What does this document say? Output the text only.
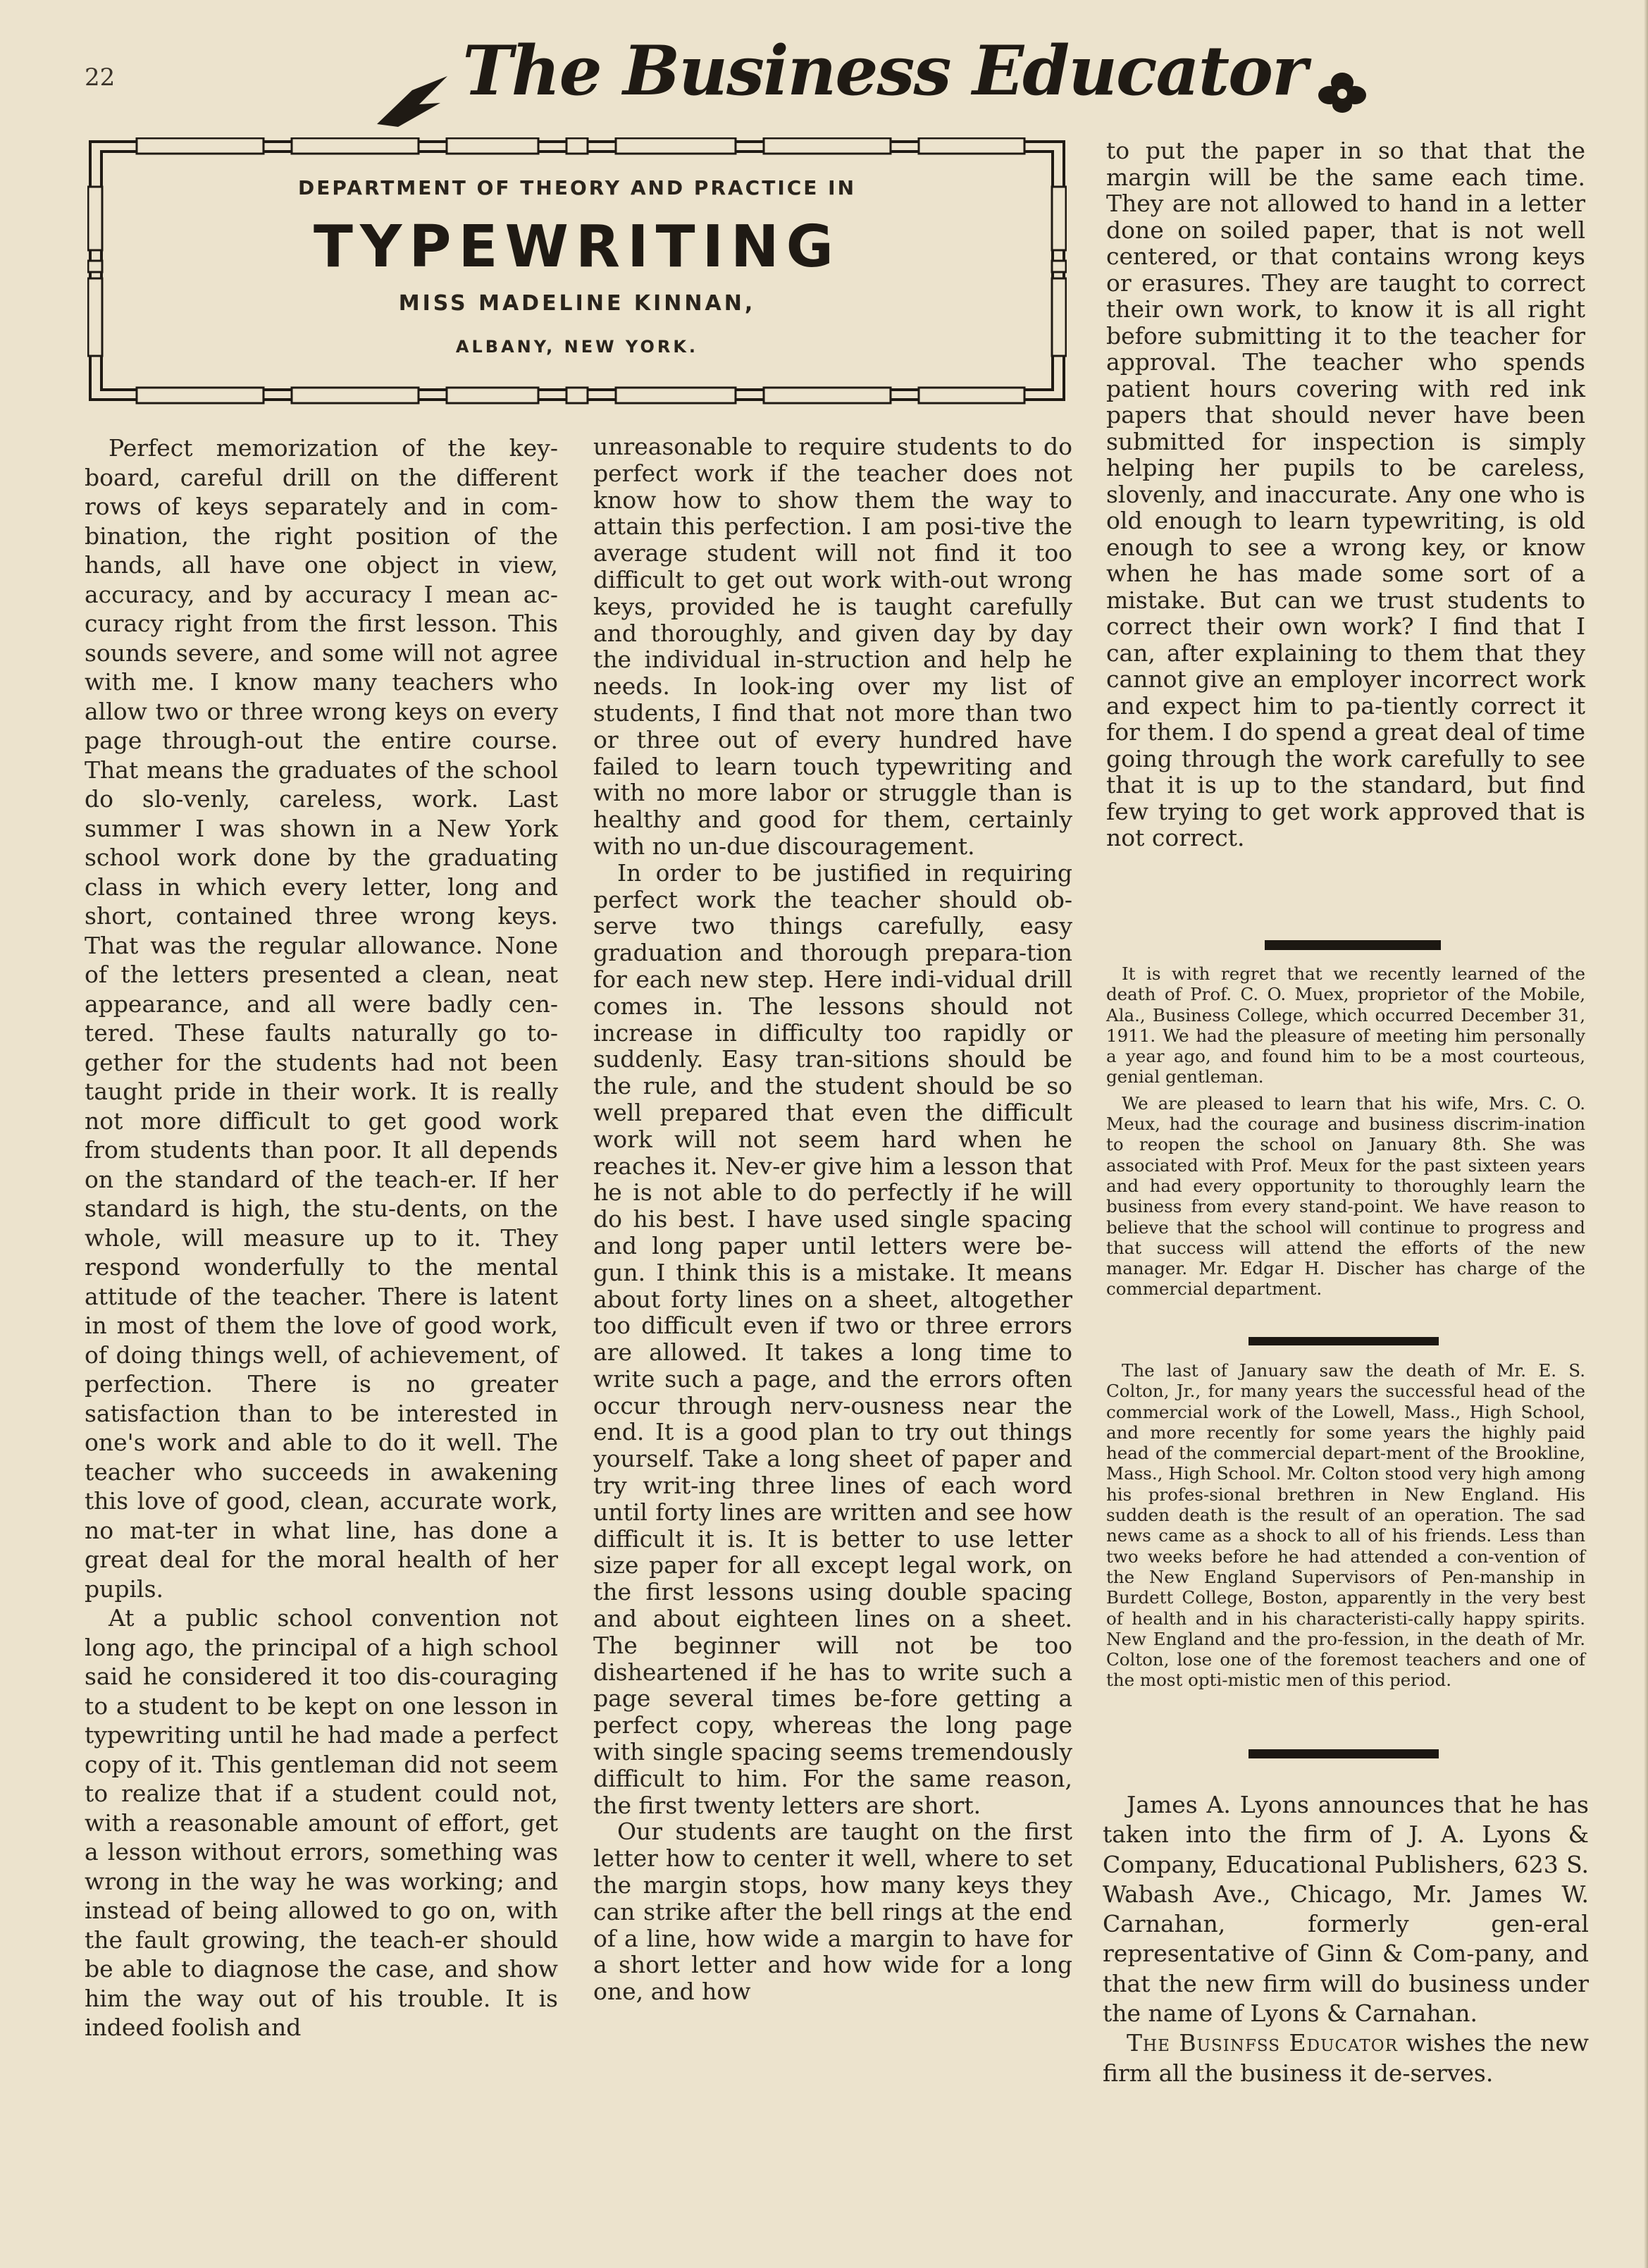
22	The Business Educator
DEPARTMENT OF THEORY AND PRACTICE IN
TYPEWRITING
MISS MADELINE KINNAN,
ALBANY, NEW YORK.

Perfect memorization of the key-board, careful drill on the different rows of keys separately and in com-bination, the right position of the hands, all have one object in view, accuracy, and by accuracy I mean ac-curacy right from the first lesson. This sounds severe, and some will not agree with me. I know many teachers who allow two or three wrong keys on every page through-out the entire course. That means the graduates of the school do slo-venly, careless, work. Last summer I was shown in a New York school work done by the graduating class in which every letter, long and short, contained three wrong keys. That was the regular allowance. None of the letters presented a clean, neat appearance, and all were badly cen-tered. These faults naturally go to-gether for the students had not been taught pride in their work. It is really not more difficult to get good work from students than poor. It all depends on the standard of the teach-er. If her standard is high, the stu-dents, on the whole, will measure up to it. They respond wonderfully to the mental attitude of the teacher. There is latent in most of them the love of good work, of doing things well, of achievement, of perfection. There is no greater satisfaction than to be interested in one's work and able to do it well. The teacher who succeeds in awakening this love of good, clean, accurate work, no mat-ter in what line, has done a great deal for the moral health of her pupils.

At a public school convention not long ago, the principal of a high school said he considered it too dis-couraging to a student to be kept on one lesson in typewriting until he had made a perfect copy of it. This gentleman did not seem to realize that if a student could not, with a reasonable amount of effort, get a lesson without errors, something was wrong in the way he was working; and instead of being allowed to go on, with the fault growing, the teach-er should be able to diagnose the case, and show him the way out of his trouble. It is indeed foolish and

unreasonable to require students to do perfect work if the teacher does not know how to show them the way to attain this perfection. I am posi-tive the average student will not find it too difficult to get out work with-out wrong keys, provided he is taught carefully and thoroughly, and given day by day the individual in-struction and help he needs. In look-ing over my list of students, I find that not more than two or three out of every hundred have failed to learn touch typewriting and with no more labor or struggle than is healthy and good for them, certainly with no un-due discouragement.

In order to be justified in requiring perfect work the teacher should ob-serve two things carefully, easy graduation and thorough prepara-tion for each new step. Here indi-vidual drill comes in. The lessons should not increase in difficulty too rapidly or suddenly. Easy tran-sitions should be the rule, and the student should be so well prepared that even the difficult work will not seem hard when he reaches it. Nev-er give him a lesson that he is not able to do perfectly if he will do his best. I have used single spacing and long paper until letters were be-gun. I think this is a mistake. It means about forty lines on a sheet, altogether too difficult even if two or three errors are allowed. It takes a long time to write such a page, and the errors often occur through nerv-ousness near the end. It is a good plan to try out things yourself. Take a long sheet of paper and try writ-ing three lines of each word until forty lines are written and see how difficult it is. It is better to use letter size paper for all except legal work, on the first lessons using double spacing and about eighteen lines on a sheet. The beginner will not be too disheartened if he has to write such a page several times be-fore getting a perfect copy, whereas the long page with single spacing seems tremendously difficult to him. For the same reason, the first twenty letters are short.

Our students are taught on the first letter how to center it well, where to set the margin stops, how many keys they can strike after the bell rings at the end of a line, how wide a margin to have for a short letter and how wide for a long one, and how

to put the paper in so that that the margin will be the same each time. They are not allowed to hand in a letter done on soiled paper, that is not well centered, or that contains wrong keys or erasures. They are taught to correct their own work, to know it is all right before submitting it to the teacher for approval. The teacher who spends patient hours covering with red ink papers that should never have been submitted for inspection is simply helping her pupils to be careless, slovenly, and inaccurate. Any one who is old enough to learn typewriting, is old enough to see a wrong key, or know when he has made some sort of a mistake. But can we trust students to correct their own work? I find that I can, after explaining to them that they cannot give an employer incorrect work and expect him to pa-tiently correct it for them. I do spend a great deal of time going through the work carefully to see that it is up to the standard, but find few trying to get work approved that is not correct.

It is with regret that we recently learned of the death of Prof. C. O. Muex, proprietor of the Mobile, Ala., Business College, which occurred December 31, 1911. We had the pleasure of meeting him personally a year ago, and found him to be a most courteous, genial gentleman.

We are pleased to learn that his wife, Mrs. C. O. Meux, had the courage and business discrim-ination to reopen the school on January 8th. She was associated with Prof. Meux for the past sixteen years and had every opportunity to thoroughly learn the business from every stand-point. We have reason to believe that the school will continue to progress and that success will attend the efforts of the new manager. Mr. Edgar H. Discher has charge of the commercial department.

The last of January saw the death of Mr. E. S. Colton, Jr., for many years the successful head of the commercial work of the Lowell, Mass., High School, and more recently for some years the highly paid head of the commercial depart-ment of the Brookline, Mass., High School. Mr. Colton stood very high among his profes-sional brethren in New England. His sudden death is the result of an operation. The sad news came as a shock to all of his friends. Less than two weeks before he had attended a con-vention of the New England Supervisors of Pen-manship in Burdett College, Boston, apparently in the very best of health and in his characteristi-cally happy spirits. New England and the pro-fession, in the death of Mr. Colton, lose one of the foremost teachers and one of the most opti-mistic men of this period.

James A. Lyons announces that he has taken into the firm of J. A. Lyons & Company, Educational Publishers, 623 S. Wabash Ave., Chicago, Mr. James W. Carnahan, formerly gen-eral representative of Ginn & Com-pany, and that the new firm will do business under the name of Lyons & Carnahan.

The Businfss Educator wishes the new firm all the business it de-serves.
